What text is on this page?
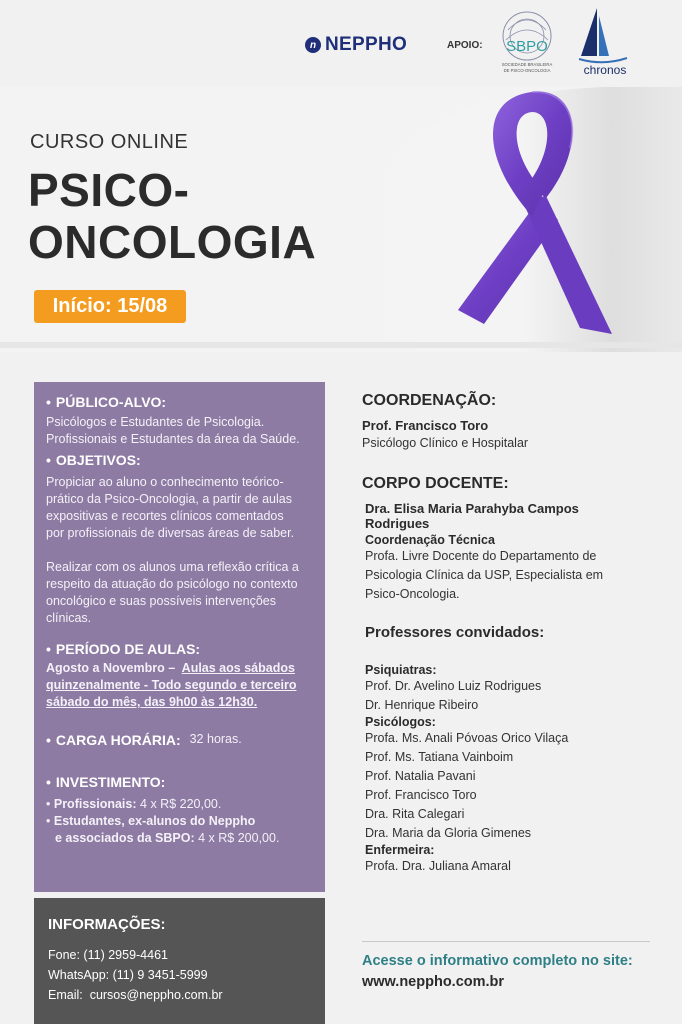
n NEPPHO	APOIO: SBPO
SOCIEDADE BRASILEIRA
DE PSICO-ONCOLOGIA	chronos
CURSO ONLINE
PSICO-
ONCOLOGIA
Início: 15/08
• PÚBLICO-ALVO:
Psicólogos e Estudantes de Psicologia.
Profissionais e Estudantes da área da Saúde.
• OBJETIVOS:
Propiciar ao aluno o conhecimento teórico-
prático da Psico-Oncologia, a partir de aulas
expositivas e recortes clínicos comentados
por profissionais de diversas áreas de saber.
Realizar com os alunos uma reflexão crítica a
respeito da atuação do psicólogo no contexto
oncológico e suas possíveis intervenções
clínicas.
• PERÍODO DE AULAS:
Agosto a Novembro – Aulas aos sábados
quinzenalmente - Todo segundo e terceiro
sábado do mês, das 9h00 às 12h30.
• CARGA HORÁRIA: 32 horas.
• INVESTIMENTO:
• Profissionais: 4 x R$ 220,00.
• Estudantes, ex-alunos do Neppho
e associados da SBPO: 4 x R$ 200,00.
INFORMAÇÕES:

Fone: (11) 2959-4461

WhatsApp: (11) 9 3451-5999

Email: cursos@neppho.com.br

COORDENAÇÃO:
Prof. Francisco Toro
Psicólogo Clínico e Hospitalar
CORPO DOCENTE:
Dra. Elisa Maria Parahyba Campos
Rodrigues
Coordenação Técnica
Profa. Livre Docente do Departamento de
Psicologia Clínica da USP, Especialista em
Psico-Oncologia.
Professores convidados:
Psiquiatras:
Prof. Dr. Avelino Luiz Rodrigues
Dr. Henrique Ribeiro
Psicólogos:
Profa. Ms. Anali Póvoas Orico Vilaça
Prof. Ms. Tatiana Vainboim
Prof. Natalia Pavani
Prof. Francisco Toro
Dra. Rita Calegari
Dra. Maria da Gloria Gimenes
Enfermeira:
Profa. Dra. Juliana Amaral
Acesse o informativo completo no site:
www.neppho.com.br
